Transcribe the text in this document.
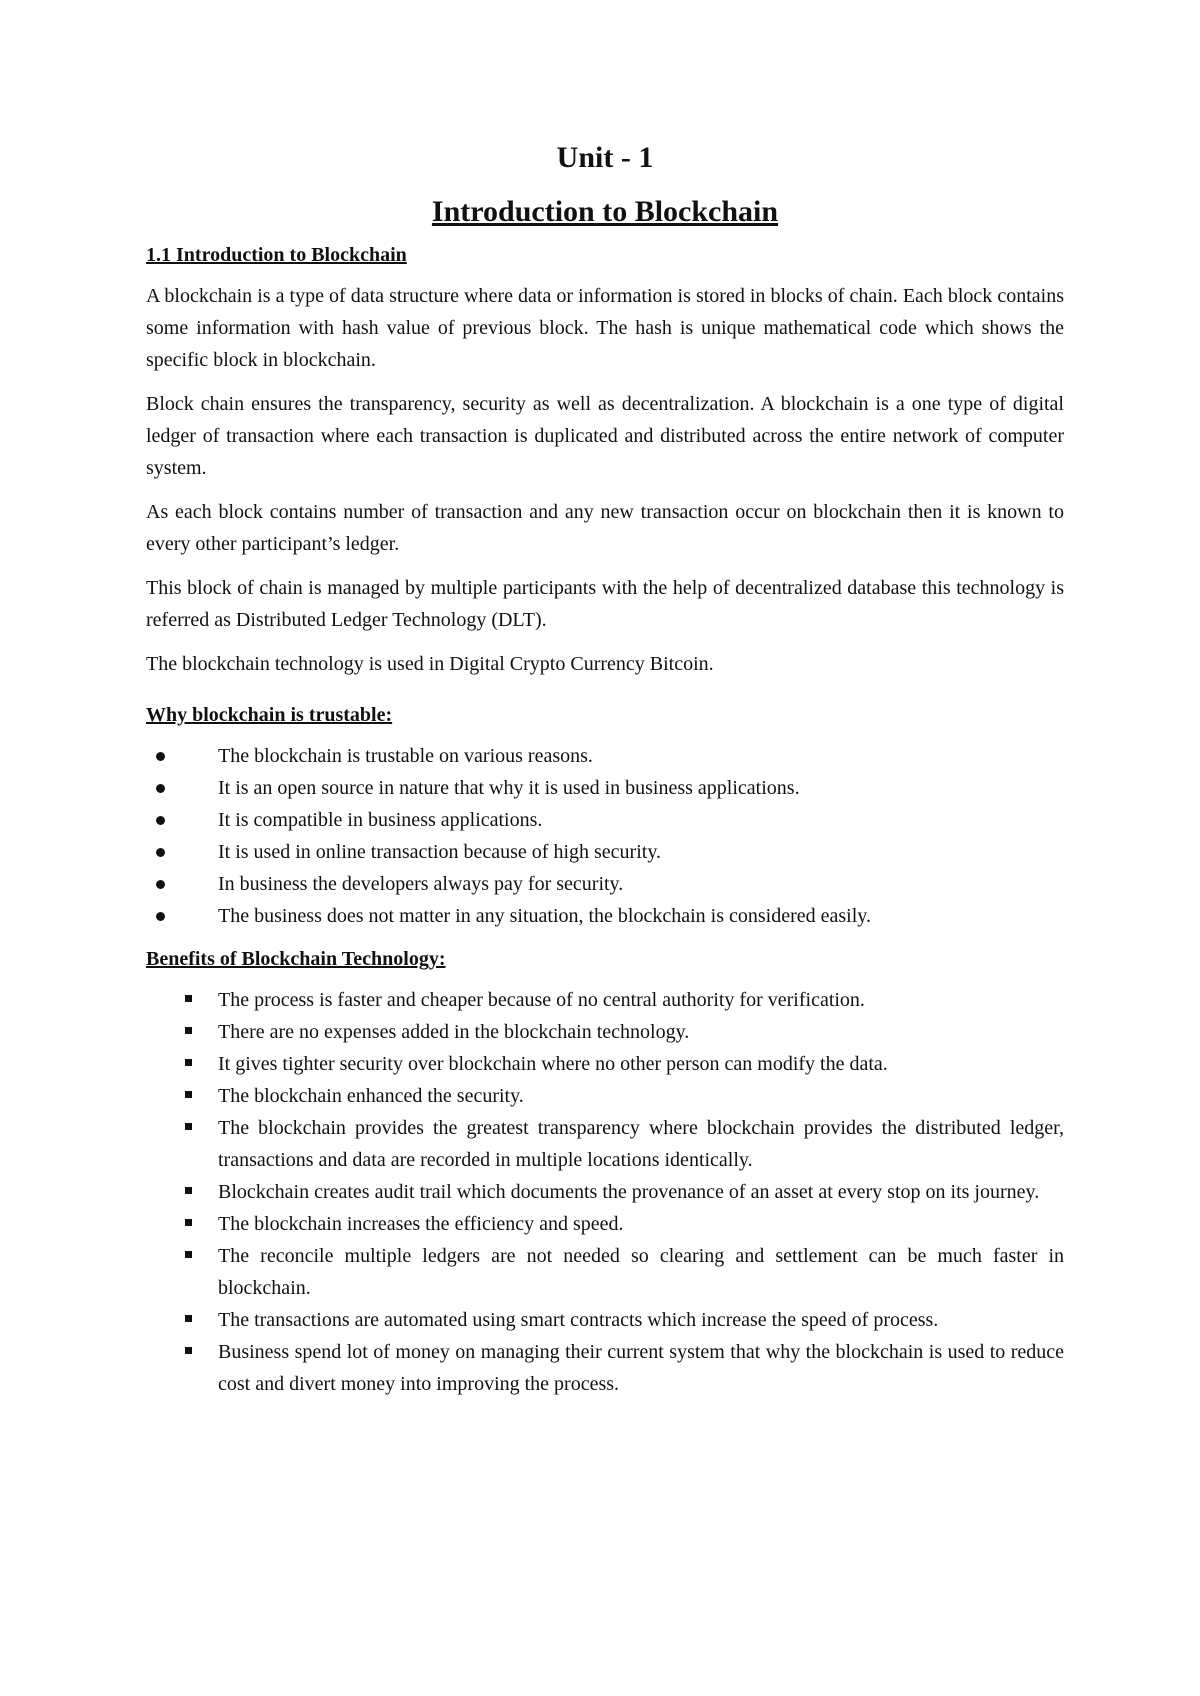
Unit - 1
Introduction to Blockchain
1.1 Introduction to Blockchain

A blockchain is a type of data structure where data or information is stored in blocks of chain. Each block contains some information with hash value of previous block. The hash is unique mathematical code which shows the specific block in blockchain.

Block chain ensures the transparency, security as well as decentralization. A blockchain is a one type of digital ledger of transaction where each transaction is duplicated and distributed across the entire network of computer system.

As each block contains number of transaction and any new transaction occur on blockchain then it is known to every other participant’s ledger.

This block of chain is managed by multiple participants with the help of decentralized database this technology is referred as Distributed Ledger Technology (DLT).

The blockchain technology is used in Digital Crypto Currency Bitcoin.

Why blockchain is trustable:
The blockchain is trustable on various reasons.
It is an open source in nature that why it is used in business applications.
It is compatible in business applications.
It is used in online transaction because of high security.
In business the developers always pay for security.
The business does not matter in any situation, the blockchain is considered easily.
Benefits of Blockchain Technology:
The process is faster and cheaper because of no central authority for verification.
There are no expenses added in the blockchain technology.
It gives tighter security over blockchain where no other person can modify the data.
The blockchain enhanced the security.
The blockchain provides the greatest transparency where blockchain provides the distributed ledger, transactions and data are recorded in multiple locations identically.
Blockchain creates audit trail which documents the provenance of an asset at every stop on its journey.
The blockchain increases the efficiency and speed.
The reconcile multiple ledgers are not needed so clearing and settlement can be much faster in blockchain.
The transactions are automated using smart contracts which increase the speed of process.
Business spend lot of money on managing their current system that why the blockchain is used to reduce cost and divert money into improving the process.
